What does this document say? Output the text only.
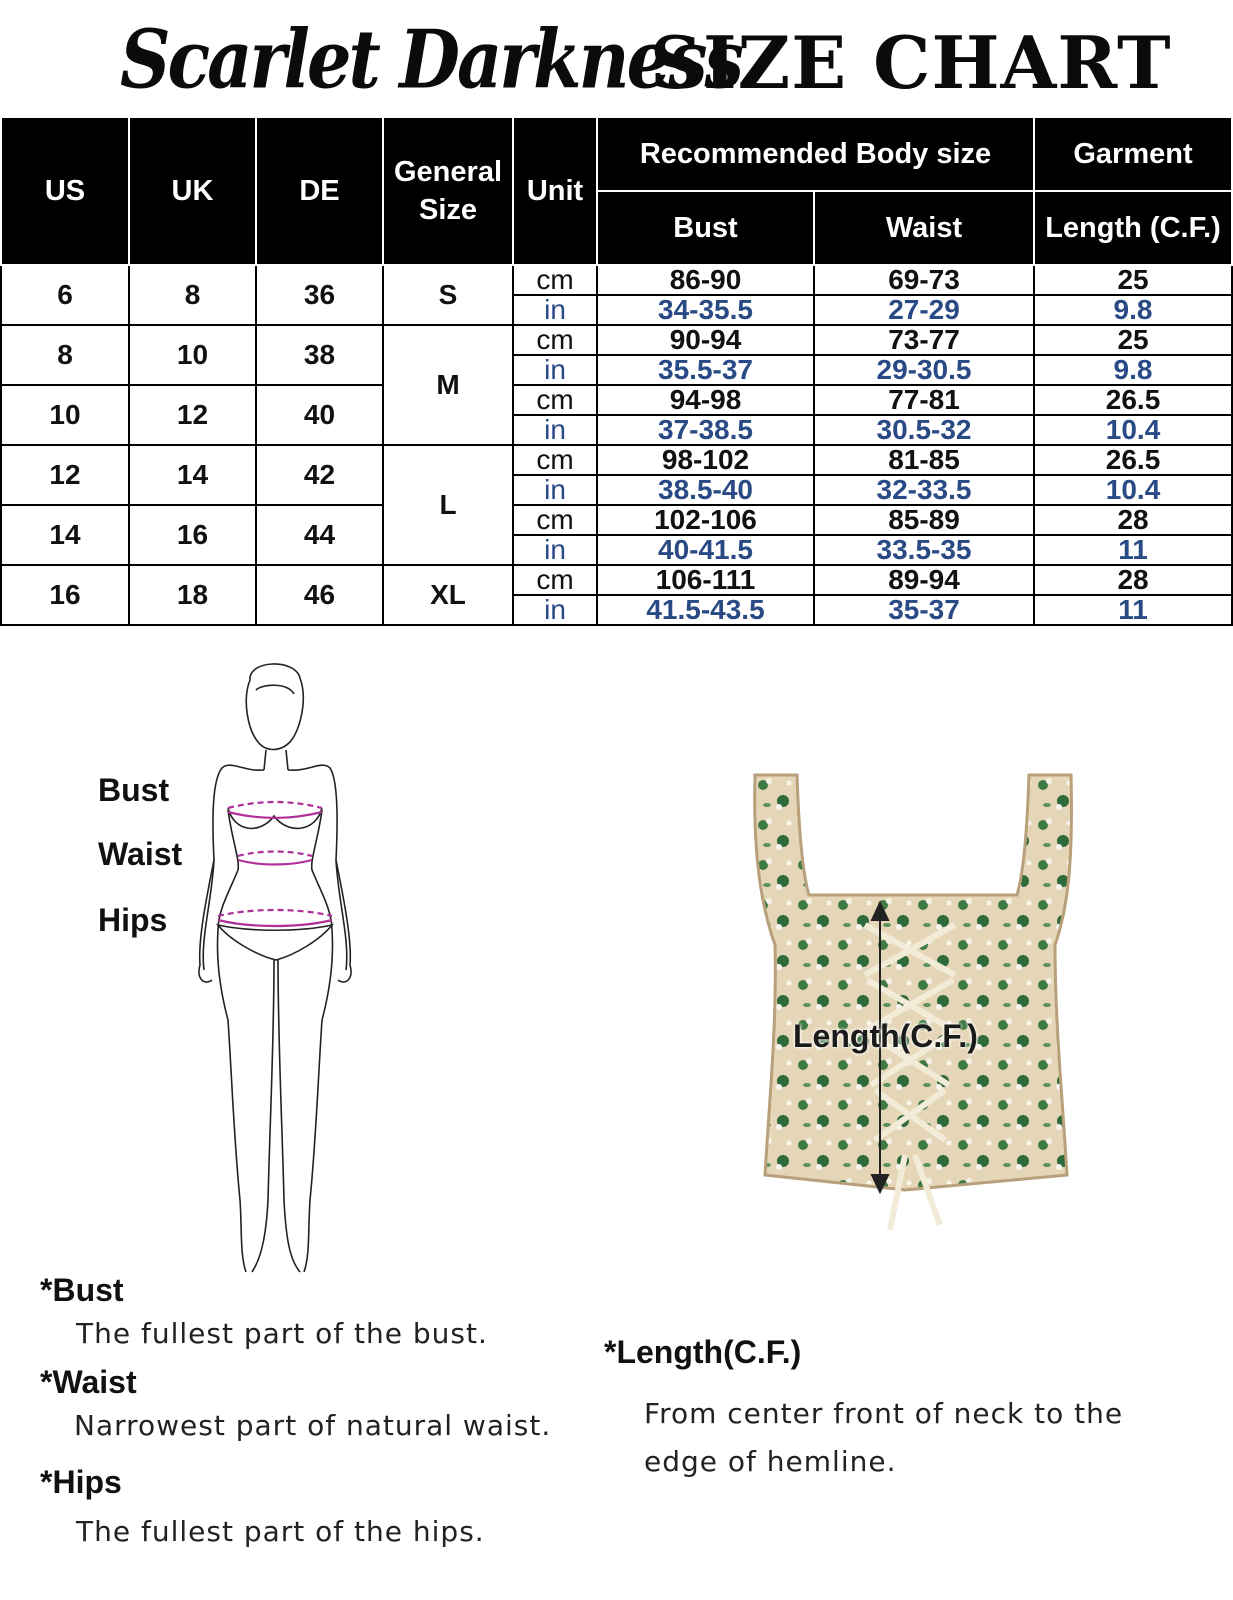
Scarlet Darkness
SIZE CHART
US	UK	DE	General Size	Unit	Recommended Body size		Garment
					Bust	Waist	Length (C.F.)
6	8	36	S	cm	86-90	69-73	25
				in	34-35.5	27-29	9.8
8	10	38	M	cm	90-94	73-77	25
				in	35.5-37	29-30.5	9.8
10	12	40		cm	94-98	77-81	26.5
				in	37-38.5	30.5-32	10.4
12	14	42	L	cm	98-102	81-85	26.5
				in	38.5-40	32-33.5	10.4
14	16	44		cm	102-106	85-89	28
				in	40-41.5	33.5-35	11
16	18	46	XL	cm	106-111	89-94	28
				in	41.5-43.5	35-37	11
Bust
Waist
Hips
Length(C.F.)
*Bust
The fullest part of the bust.
*Waist
Narrowest part of natural waist.
*Hips
The fullest part of the hips.
*Length(C.F.)
From center front of neck to the edge of hemline.
